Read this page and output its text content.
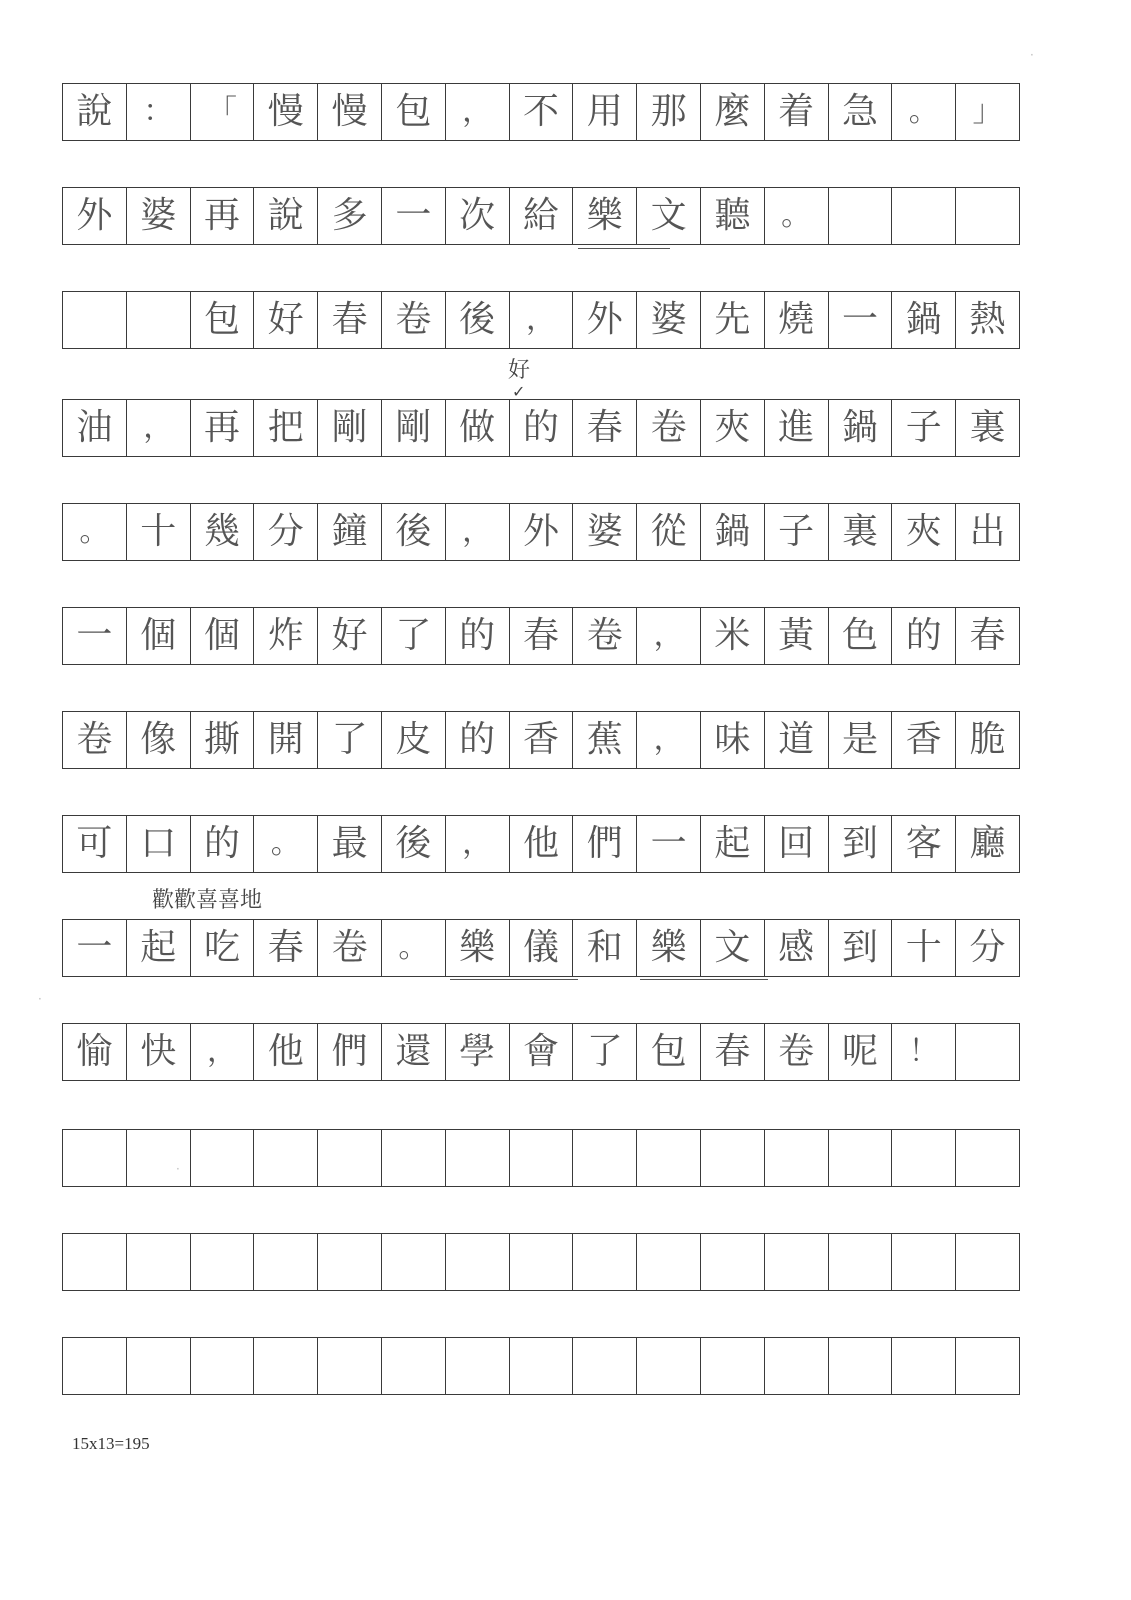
說	：	「 慢 慢 包	， 不 用 那 麼 着 急	。	」
外 婆 再 說 多 一 次 給 樂 文 聽	。
包 好 春 卷 後	， 外 婆 先 燒 一 鍋 熱
油	， 再 把 剛 剛 做 的 春 卷 夾 進 鍋 子 裏
。 十 幾 分 鐘 後	， 外 婆 從 鍋 子 裏 夾 出
一 個 個 炸 好 了 的 春 卷	， 米 黃 色 的 春
卷 像 撕 開 了 皮 的 香 蕉	， 味 道 是 香 脆
可 口 的	。 最 後	， 他 們 一 起 回 到 客 廳
一 起 吃 春 卷	。 樂 儀 和 樂 文 感 到 十 分
愉 快	， 他 們 還 學 會 了 包 春 卷 呢	！
好
✓
歡歡喜喜地
15x13=195
·
·
·
